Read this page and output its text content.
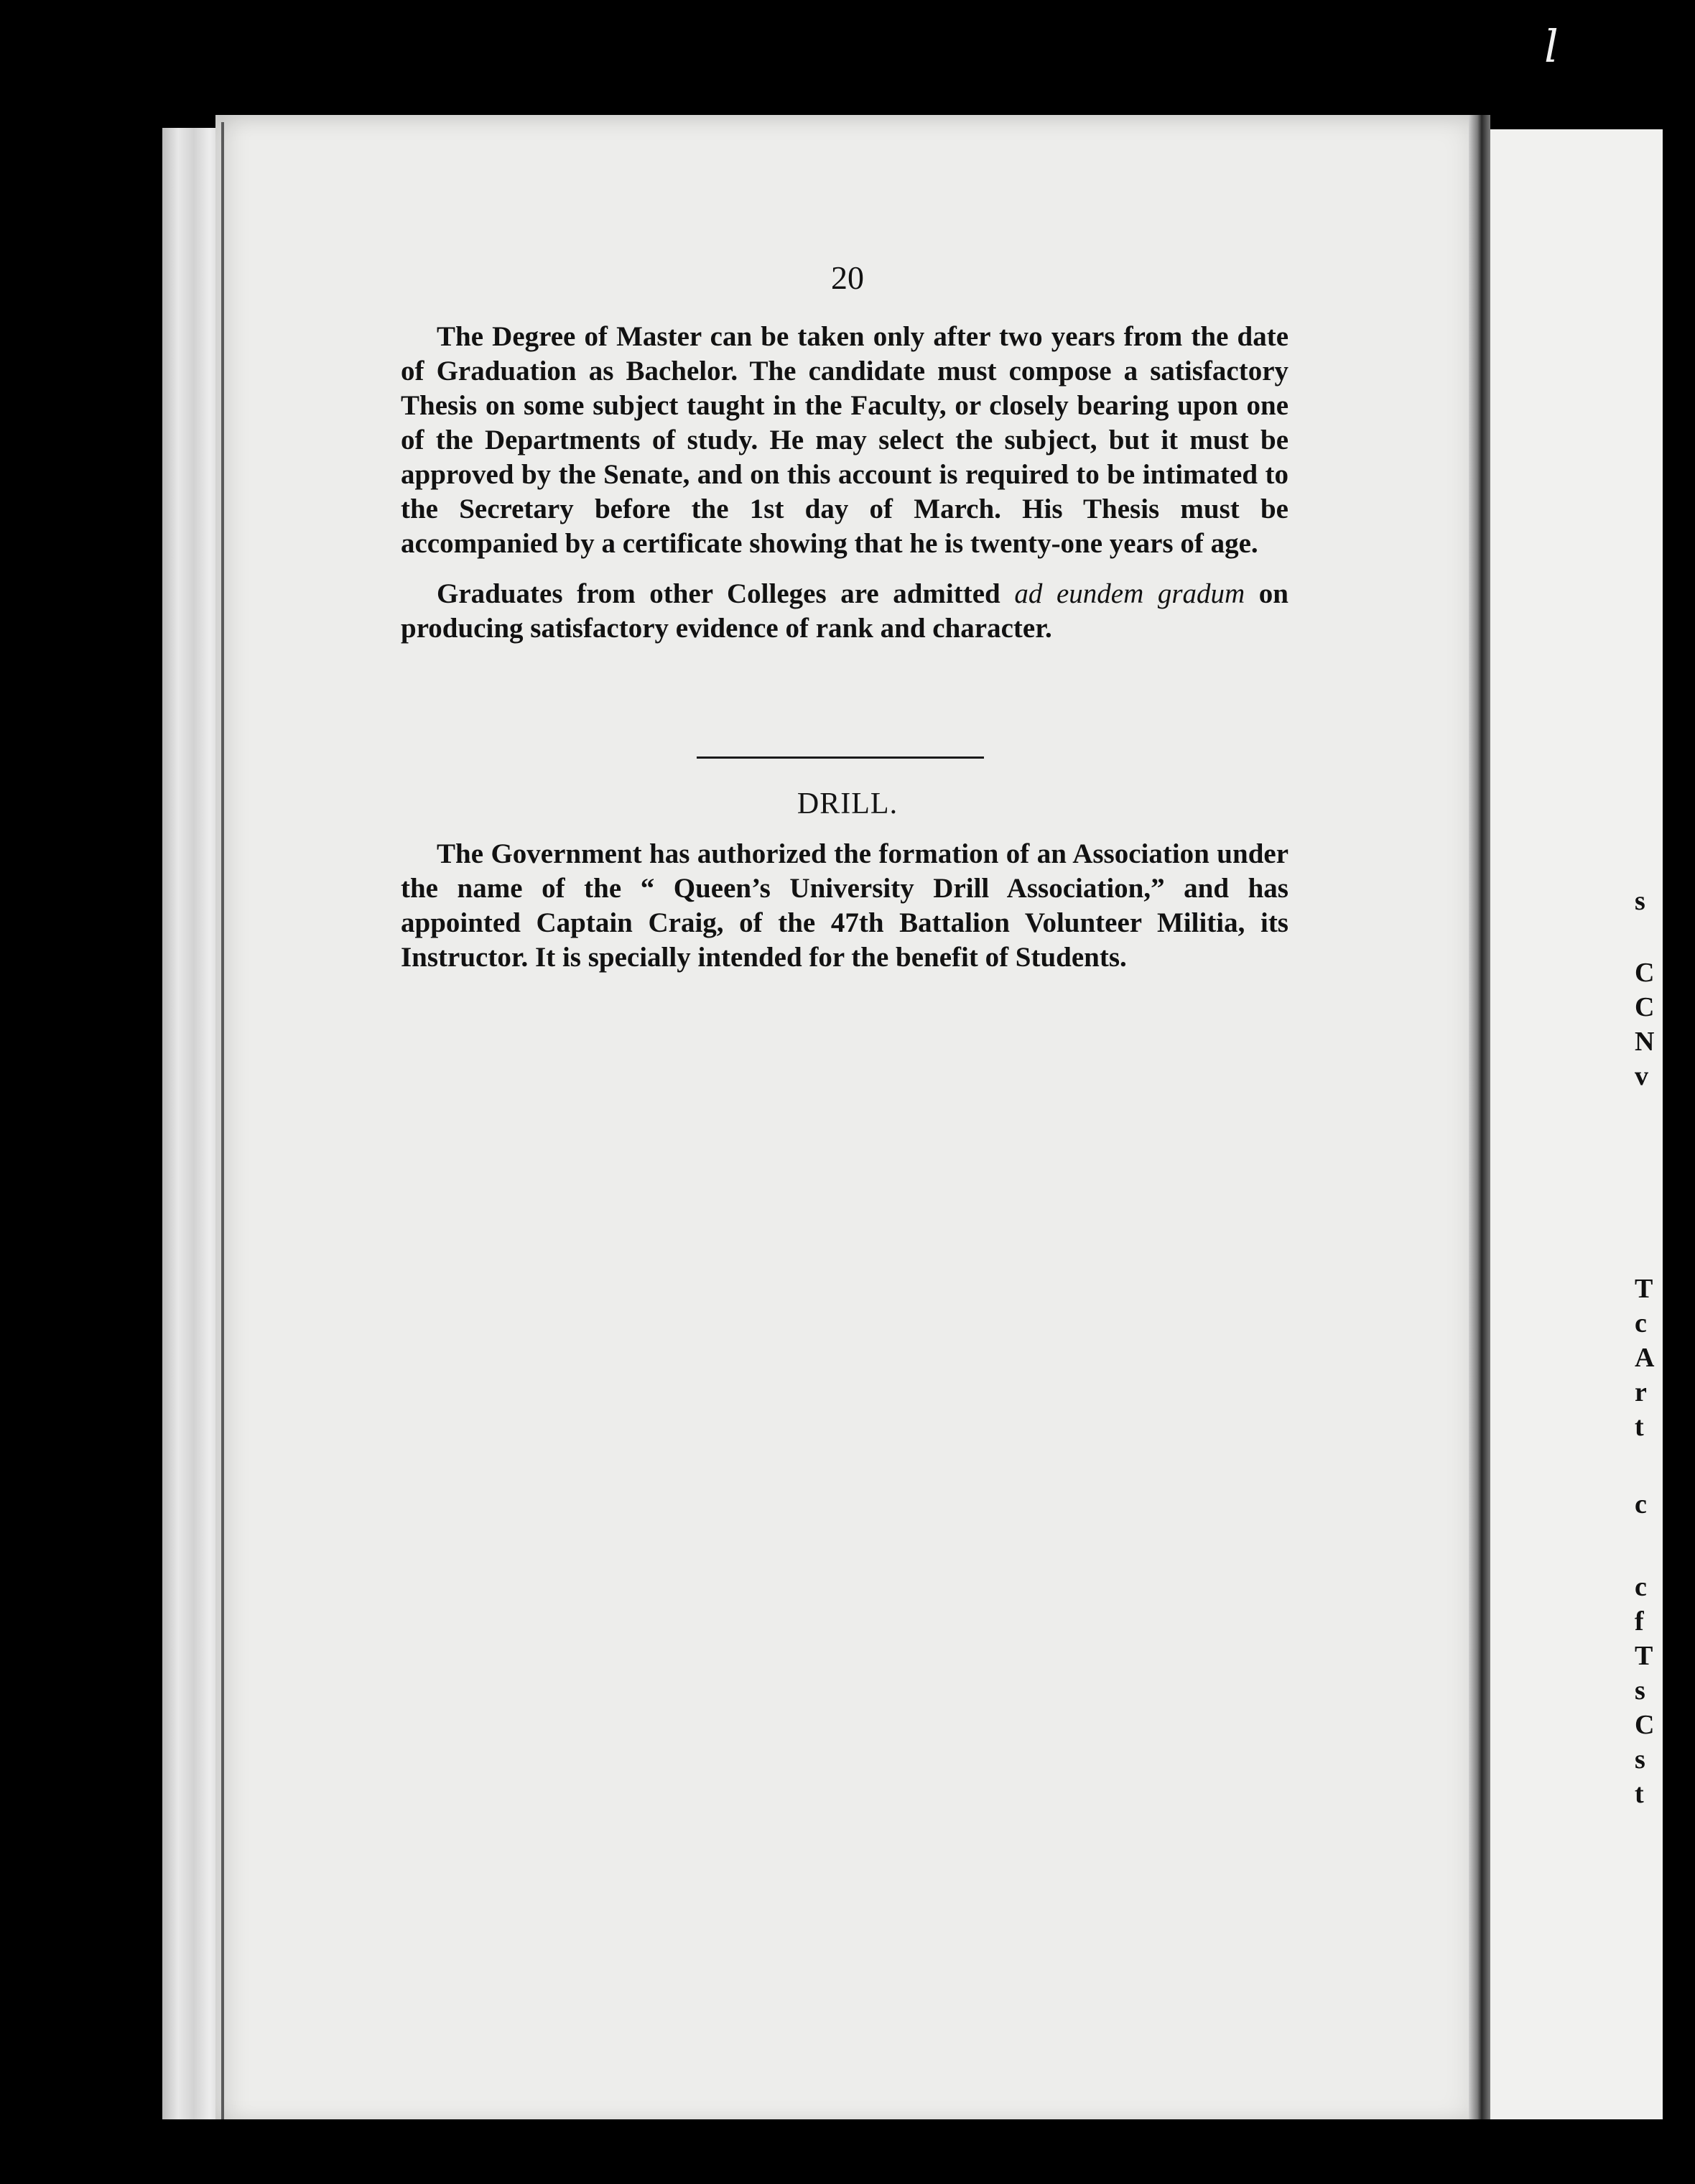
l
20

The Degree of Master can be taken only after two years from the date of Graduation as Bachelor. The candidate must compose a satisfactory Thesis on some subject taught in the Faculty, or closely bearing upon one of the Departments of study. He may select the subject, but it must be approved by the Senate, and on this account is required to be intimated to the Secretary before the 1st day of March. His Thesis must be accompanied by a certificate showing that he is twenty-one years of age.

Graduates from other Colleges are admitted ad eundem gradum on producing satisfactory evidence of rank and character.

DRILL.

The Government has authorized the formation of an Association under the name of the “ Queen’s University Drill Association,” and has appointed Captain Craig, of the 47th Battalion Volunteer Militia, its Instructor. It is specially intended for the benefit of Students.

s
C
C
N
v
T
c
A
r
t
c
c
f
T
s
C
s
t
